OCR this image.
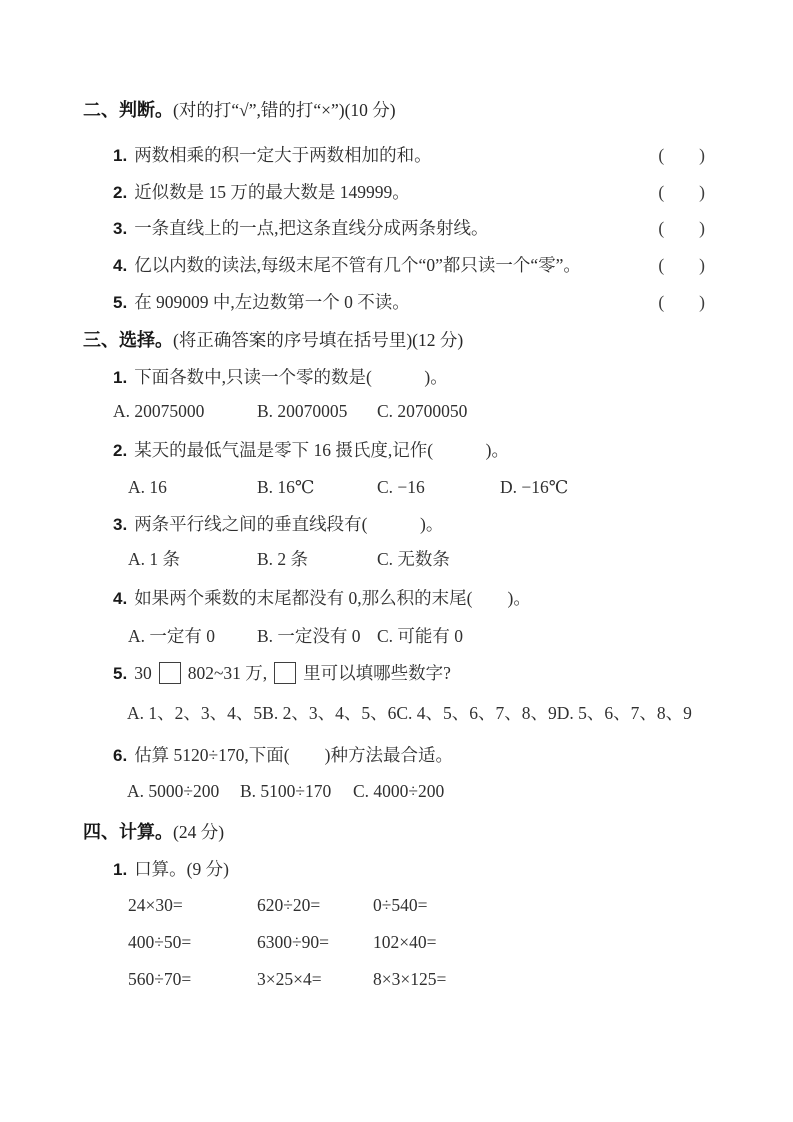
二、判断。(对的打“√”,错的打“×”)(10 分)
1. 两数相乘的积一定大于两数相加的和。	(　　)
2. 近似数是 15 万的最大数是 149999。	(　　)
3. 一条直线上的一点,把这条直线分成两条射线。	(　　)
4. 亿以内数的读法,每级末尾不管有几个“0”都只读一个“零”。	(　　)
5. 在 909009 中,左边数第一个 0 不读。	(　　)
三、选择。(将正确答案的序号填在括号里)(12 分)
1. 下面各数中,只读一个零的数是(　　　)。
A. 20075000	B. 20070005	C. 20700050
2. 某天的最低气温是零下 16 摄氏度,记作(　　　)。
A. 16	B. 16℃	C. −16	D. −16℃
3. 两条平行线之间的垂直线段有(　　　)。
A. 1 条	B. 2 条	C. 无数条
4. 如果两个乘数的末尾都没有 0,那么积的末尾(　　)。
A. 一定有 0	B. 一定没有 0 C. 可能有 0
5. 30 802~31 万, 里可以填哪些数字?
A. 1、2、3、4、5 B. 2、3、4、5、6 C. 4、5、6、7、8、9 D. 5、6、7、8、9
6. 估算 5120÷170,下面(　　)种方法最合适。
A. 5000÷200	B. 5100÷170	C. 4000÷200
四、计算。(24 分)
1. 口算。(9 分)
24×30=	620÷20=	0÷540=
400÷50=	6300÷90=	102×40=
560÷70=	3×25×4=	8×3×125=
